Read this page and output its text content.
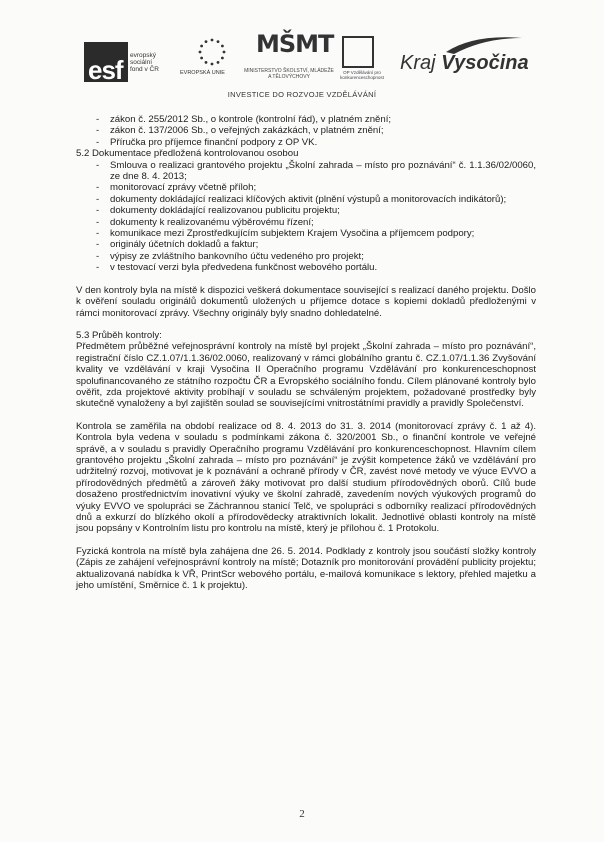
esf evropský
sociální
fond v ČR	EVROPSKÁ UNIE
MŠMT
MINISTERSTVO ŠKOLSTVÍ, MLÁDEŽE A TĚLOVÝCHOVY
OP Vzdělávání pro konkurenceschopnost
Kraj Vysočina
INVESTICE DO ROZVOJE VZDĚLÁVÁNÍ
- zákon č. 255/2012 Sb., o kontrole (kontrolní řád), v platném znění;
- zákon č. 137/2006 Sb., o veřejných zakázkách, v platném znění;
- Příručka pro příjemce finanční podpory z OP VK.

5.2 Dokumentace předložená kontrolovanou osobou

- Smlouva o realizaci grantového projektu „Školní zahrada – místo pro poznávání“ č. 1.1.36/02/0060, ze dne 8. 4. 2013;
- monitorovací zprávy včetně příloh;
- dokumenty dokládající realizaci klíčových aktivit (plnění výstupů a monitorovacích indikátorů);
- dokumenty dokládající realizovanou publicitu projektu;
- dokumenty k realizovanému výběrovému řízení;
- komunikace mezi Zprostředkujícím subjektem Krajem Vysočina a příjemcem podpory;
- originály účetních dokladů a faktur;
- výpisy ze zvláštního bankovního účtu vedeného pro projekt;
- v testovací verzi byla předvedena funkčnost webového portálu.

V den kontroly byla na místě k dispozici veškerá dokumentace související s realizací daného projektu. Došlo k ověření souladu originálů dokumentů uložených u příjemce dotace s kopiemi dokladů předloženými v rámci monitorovací zprávy. Všechny originály byly snadno dohledatelné.

5.3 Průběh kontroly:

Předmětem průběžné veřejnosprávní kontroly na místě byl projekt „Školní zahrada – místo pro poznávání“, registrační číslo CZ.1.07/1.1.36/02.0060, realizovaný v rámci globálního grantu č. CZ.1.07/1.1.36 Zvyšování kvality ve vzdělávání v kraji Vysočina II Operačního programu Vzdělávání pro konkurenceschopnost spolufinancovaného ze státního rozpočtu ČR a Evropského sociálního fondu. Cílem plánované kontroly bylo ověřit, zda projektové aktivity probíhají v souladu se schváleným projektem, požadované prostředky byly skutečně vynaloženy a byl zajištěn soulad se souvisejícími vnitrostátními pravidly a pravidly Společenství.

Kontrola se zaměřila na období realizace od 8. 4. 2013 do 31. 3. 2014 (monitorovací zprávy č. 1 až 4). Kontrola byla vedena v souladu s podmínkami zákona č. 320/2001 Sb., o finanční kontrole ve veřejné správě, a v souladu s pravidly Operačního programu Vzdělávání pro konkurenceschopnost. Hlavním cílem grantového projektu „Školní zahrada – místo pro poznávání“ je zvýšit kompetence žáků ve vzdělávání pro udržitelný rozvoj, motivovat je k poznávání a ochraně přírody v ČR, zavést nové metody ve výuce EVVO a přírodovědných předmětů a zároveň žáky motivovat pro další studium přírodovědných oborů. Cílů bude dosaženo prostřednictvím inovativní výuky ve školní zahradě, zavedením nových výukových programů do výuky EVVO ve spolupráci se Záchrannou stanicí Telč, ve spolupráci s odborníky realizací přírodovědných dnů a exkurzí do blízkého okolí a přírodovědecky atraktivních lokalit. Jednotlivé oblasti kontroly na místě jsou popsány v Kontrolním listu pro kontrolu na místě, který je přílohou č. 1 Protokolu.

Fyzická kontrola na místě byla zahájena dne 26. 5. 2014. Podklady z kontroly jsou součástí složky kontroly (Zápis ze zahájení veřejnosprávní kontroly na místě; Dotazník pro monitorování provádění publicity projektu; aktualizovaná nabídka k VŘ, PrintScr webového portálu, e-mailová komunikace s lektory, přehled majetku a jeho umístění, Směrnice č. 1 k projektu).

2
